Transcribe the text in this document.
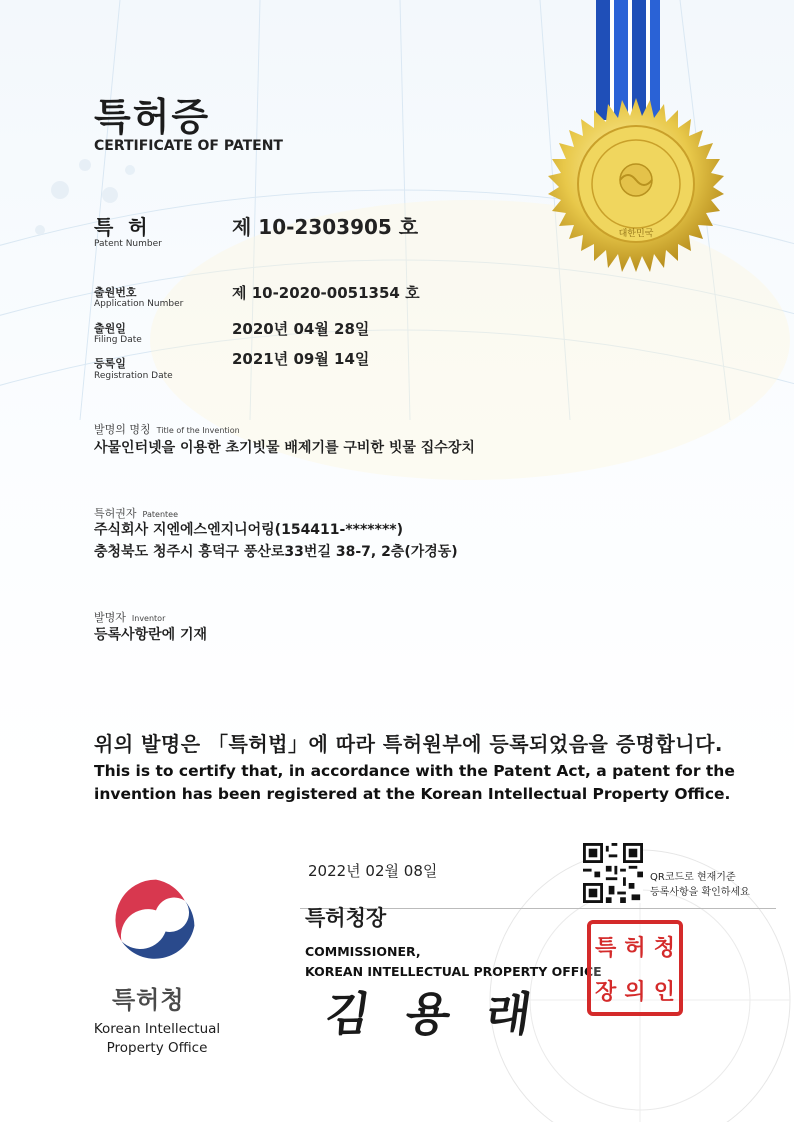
대한민국
특허증
CERTIFICATE OF PATENT
특 허
Patent Number
제 10-2303905 호
출원번호
Application Number
제 10-2020-0051354 호
출원일
Filing Date
2020년 04월 28일
등록일
Registration Date
2021년 09월 14일
발명의 명칭 Title of the Invention
사물인터넷을 이용한 초기빗물 배제기를 구비한 빗물 집수장치
특허권자 Patentee
주식회사 지엔에스엔지니어링(154411-*******)
충청북도 청주시 흥덕구 풍산로33번길 38-7, 2층(가경동)
발명자 Inventor
등록사항란에 기재
위의 발명은 「특허법」에 따라 특허원부에 등록되었음을 증명합니다.
This is to certify that, in accordance with the Patent Act, a patent for the
invention has been registered at the Korean Intellectual Property Office.
2022년 02월 08일	QR코드로 현재기준
등록사항을 확인하세요
특허청장
COMMISSIONER,
KOREAN INTELLECTUAL PROPERTY OFFICE
김 용 래
특 허 청
장 의 인
특허청
Korean Intellectual
Property Office
